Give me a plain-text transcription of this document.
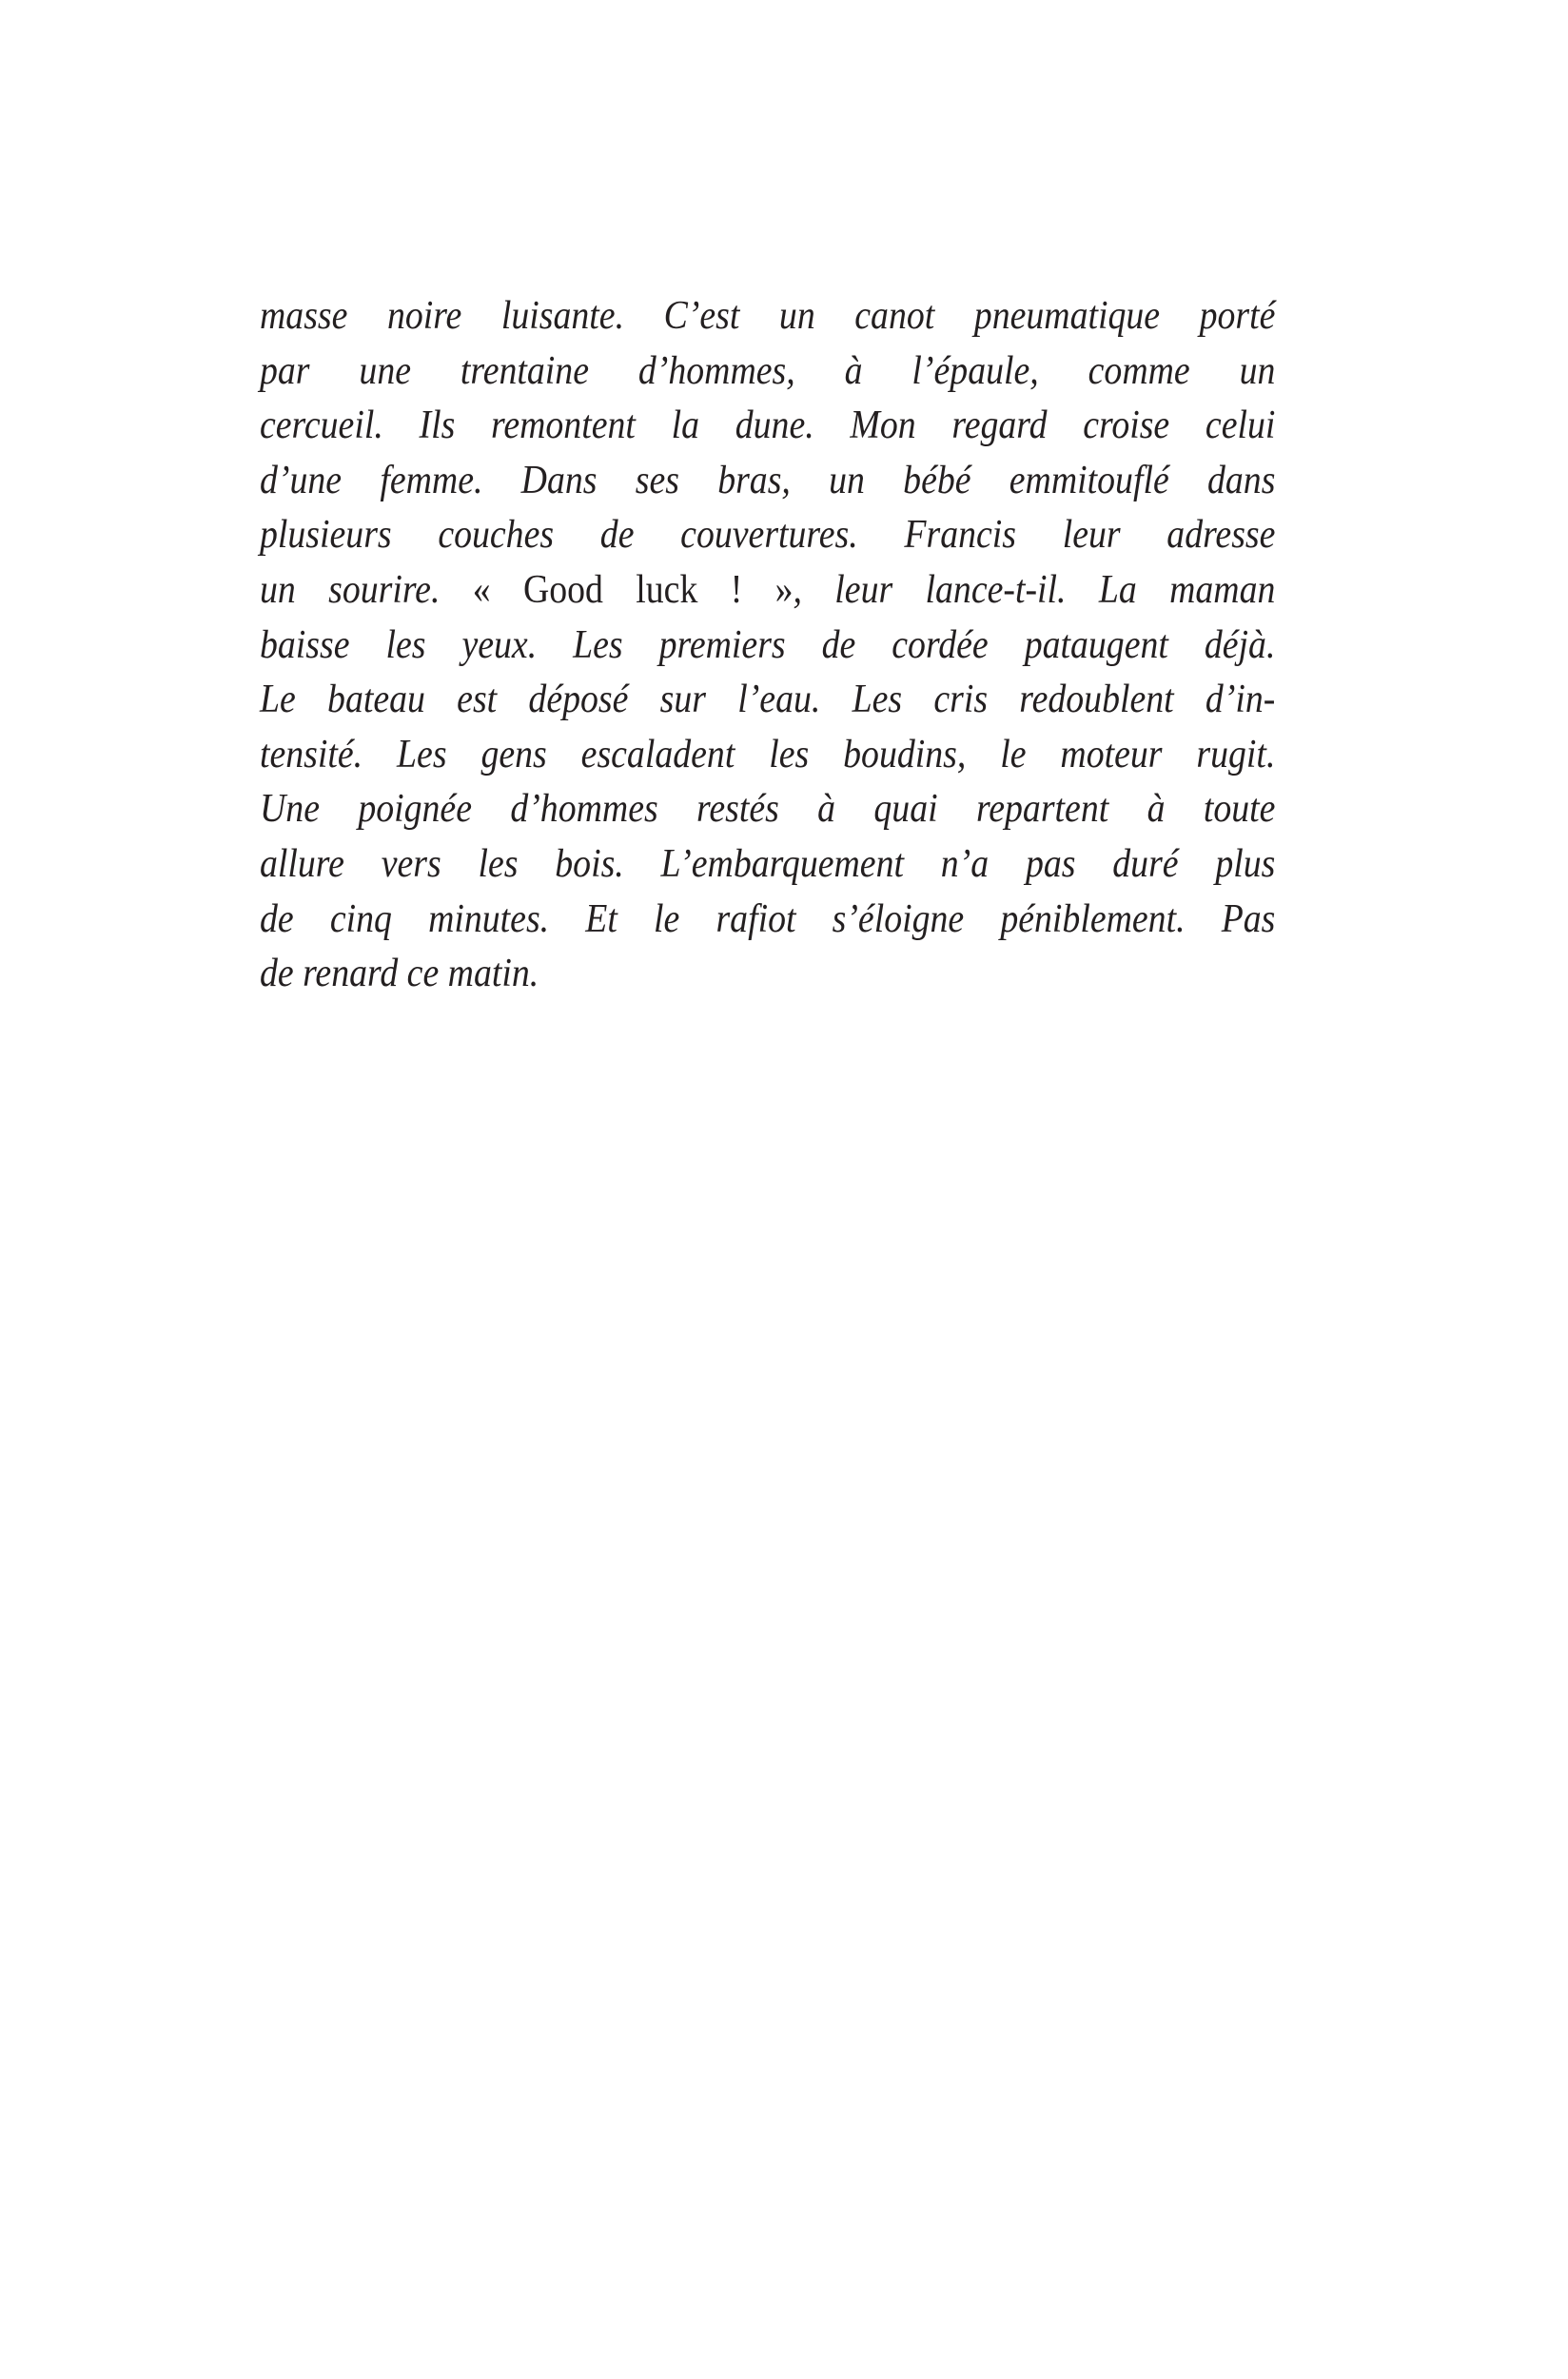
masse noire luisante. C’est un canot pneumatique porté
par une trentaine d’hommes, à l’épaule, comme un
cercueil. Ils remontent la dune. Mon regard croise celui
d’une femme. Dans ses bras, un bébé emmitouflé dans
plusieurs couches de couvertures. Francis leur adresse
un sourire. « Good luck ! », leur lance-t-il. La maman
baisse les yeux. Les premiers de cordée pataugent déjà.
Le bateau est déposé sur l’eau. Les cris redoublent d’in-
tensité. Les gens escaladent les boudins, le moteur rugit.
Une poignée d’hommes restés à quai repartent à toute
allure vers les bois. L’embarquement n’a pas duré plus
de cinq minutes. Et le rafiot s’éloigne péniblement. Pas
de renard ce matin.
